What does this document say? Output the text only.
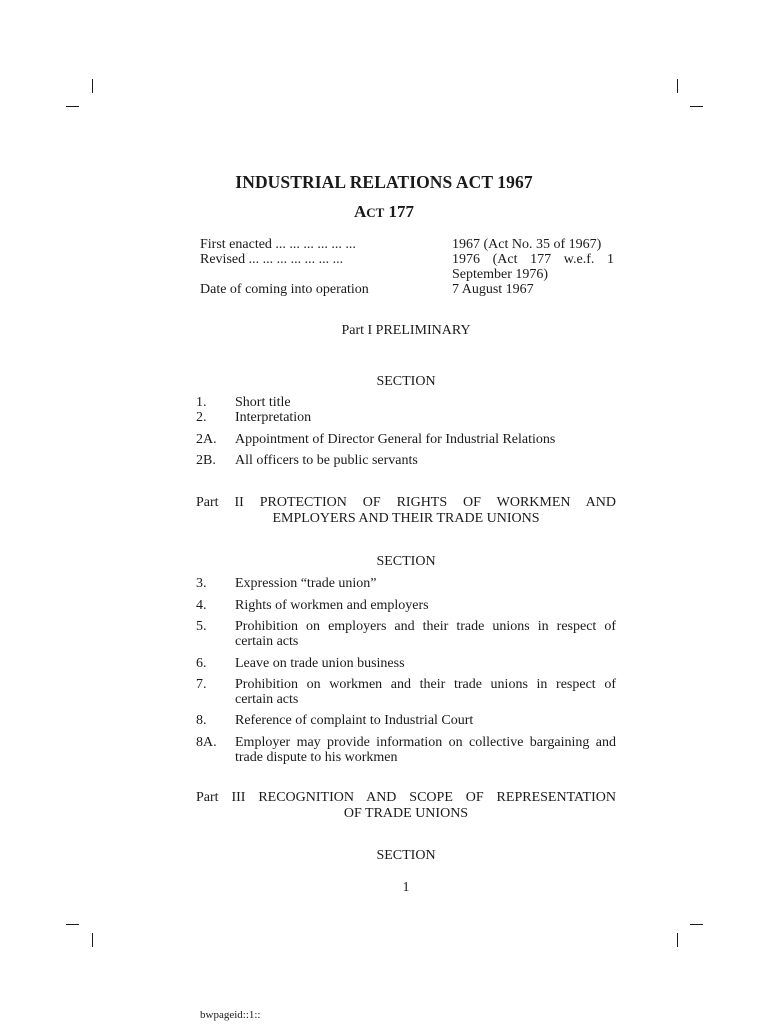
INDUSTRIAL RELATIONS ACT 1967
ACT 177
First enacted ... ... ... ... ... ...	1967 (Act No. 35 of 1967)
Revised ... ... ... ... ... ... ...	1976 (Act 177 w.e.f. 1
September 1976)
Date of coming into operation	7 August 1967
Part I PRELIMINARY
SECTION
1. Short title
2. Interpretation
2A. Appointment of Director General for Industrial Relations
2B. All officers to be public servants
Part II PROTECTION OF RIGHTS OF WORKMEN AND
EMPLOYERS AND THEIR TRADE UNIONS
SECTION
3. Expression “trade union”
4. Rights of workmen and employers
5. Prohibition on employers and their trade unions in respect of
certain acts
6. Leave on trade union business
7. Prohibition on workmen and their trade unions in respect of
certain acts
8. Reference of complaint to Industrial Court
8A. Employer may provide information on collective bargaining and
trade dispute to his workmen
Part III RECOGNITION AND SCOPE OF REPRESENTATION
OF TRADE UNIONS
SECTION
1
bwpageid::1::
